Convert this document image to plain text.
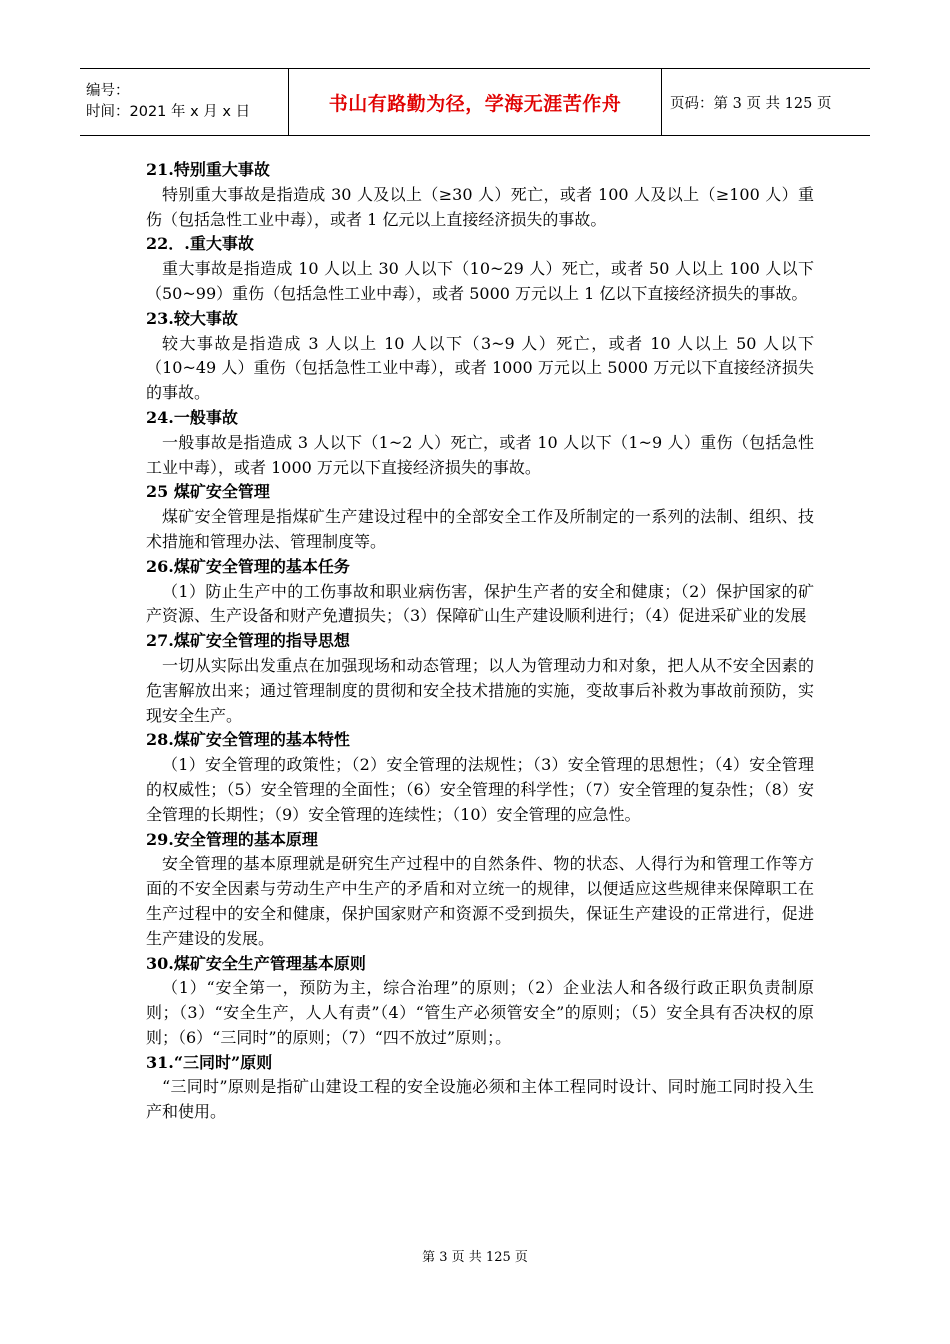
编号：
时间：2021 年 x 月 x 日	书山有路勤为径，学海无涯苦作舟	页码：第 3 页 共 125 页
21.特别重大事故
特别重大事故是指造成 30 人及以上（≥30 人）死亡，或者 100 人及以上（≥100 人）重伤（包括急性工业中毒），或者 1 亿元以上直接经济损失的事故。
22．.重大事故
重大事故是指造成 10 人以上 30 人以下（10~29 人）死亡，或者 50 人以上 100 人以下（50~99）重伤（包括急性工业中毒），或者 5000 万元以上 1 亿以下直接经济损失的事故。
23.较大事故
较大事故是指造成 3 人以上 10 人以下（3~9 人）死亡，或者 10 人以上 50 人以下（10~49 人）重伤（包括急性工业中毒），或者 1000 万元以上 5000 万元以下直接经济损失的事故。
24.一般事故
一般事故是指造成 3 人以下（1~2 人）死亡，或者 10 人以下（1~9 人）重伤（包括急性工业中毒），或者 1000 万元以下直接经济损失的事故。
25 煤矿安全管理
煤矿安全管理是指煤矿生产建设过程中的全部安全工作及所制定的一系列的法制、组织、技术措施和管理办法、管理制度等。
26.煤矿安全管理的基本任务
（1）防止生产中的工伤事故和职业病伤害，保护生产者的安全和健康；（2）保护国家的矿产资源、生产设备和财产免遭损失；（3）保障矿山生产建设顺利进行；（4）促进采矿业的发展
27.煤矿安全管理的指导思想
一切从实际出发重点在加强现场和动态管理；以人为管理动力和对象，把人从不安全因素的危害解放出来；通过管理制度的贯彻和安全技术措施的实施，变故事后补救为事故前预防，实现安全生产。
28.煤矿安全管理的基本特性
（1）安全管理的政策性；（2）安全管理的法规性；（3）安全管理的思想性；（4）安全管理的权威性；（5）安全管理的全面性；（6）安全管理的科学性；（7）安全管理的复杂性；（8）安全管理的长期性；（9）安全管理的连续性；（10）安全管理的应急性。
29.安全管理的基本原理
安全管理的基本原理就是研究生产过程中的自然条件、物的状态、人得行为和管理工作等方面的不安全因素与劳动生产中生产的矛盾和对立统一的规律，以便适应这些规律来保障职工在生产过程中的安全和健康，保护国家财产和资源不受到损失，保证生产建设的正常进行，促进生产建设的发展。
30.煤矿安全生产管理基本原则
（1）“安全第一，预防为主，综合治理”的原则；（2）企业法人和各级行政正职负责制原则；（3）“安全生产，人人有责”（4）“管生产必须管安全”的原则；（5）安全具有否决权的原则；（6）“三同时”的原则；（7）“四不放过”原则；。
31.“三同时”原则
“三同时”原则是指矿山建设工程的安全设施必须和主体工程同时设计、同时施工同时投入生产和使用。
第 3 页 共 125 页
